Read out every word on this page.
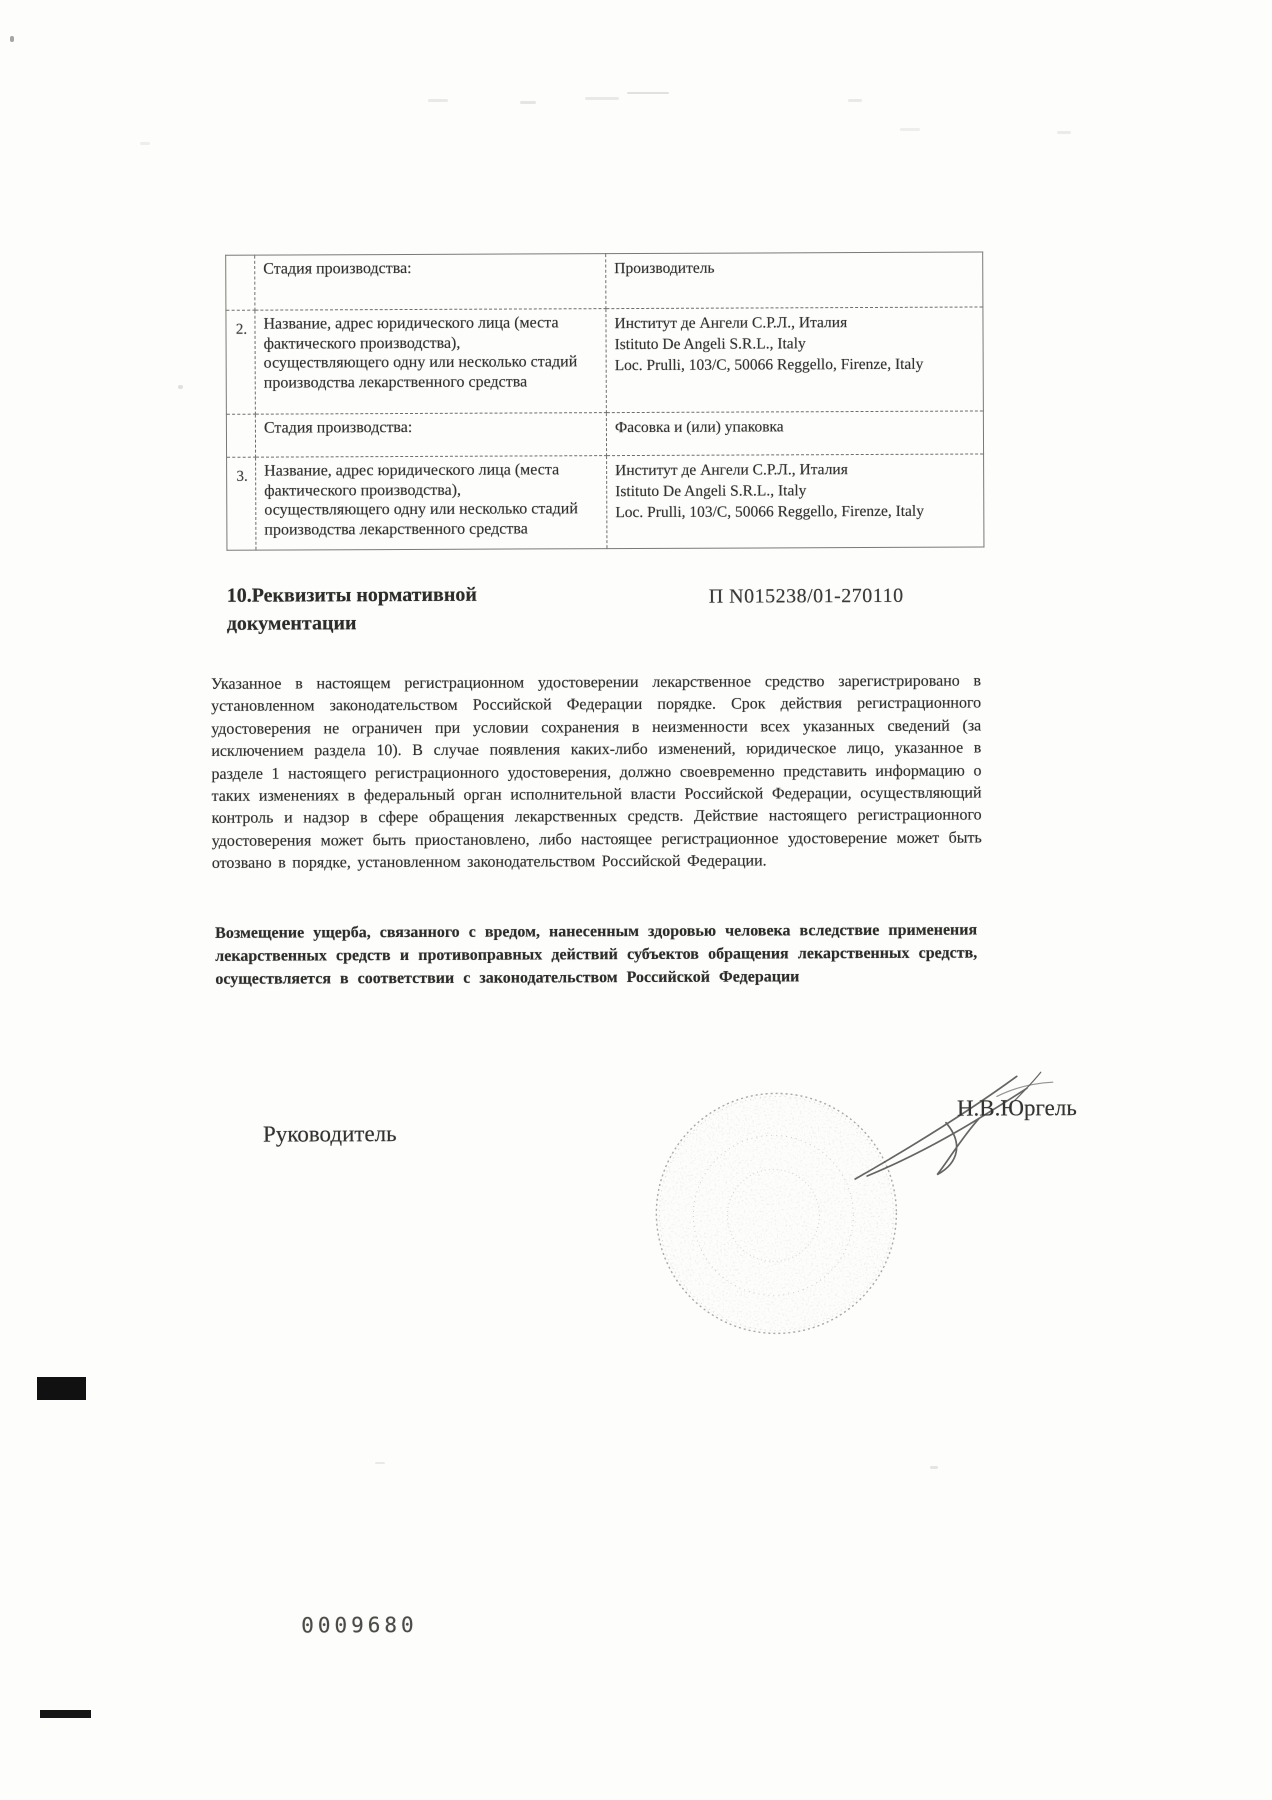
	Стадия производства:	Производитель
2.	Название, адрес юридического лица (места
фактического производства),
осуществляющего одну или несколько стадий
производства лекарственного средства	Институт де Ангели С.Р.Л., Италия
Istituto De Angeli S.R.L., Italy
Loc. Prulli, 103/C, 50066 Reggello, Firenze, Italy
	Стадия производства:	Фасовка и (или) упаковка
3.	Название, адрес юридического лица (места
фактического производства),
осуществляющего одну или несколько стадий
производства лекарственного средства	Институт де Ангели С.Р.Л., Италия
Istituto De Angeli S.R.L., Italy
Loc. Prulli, 103/C, 50066 Reggello, Firenze, Italy
10.Реквизиты нормативной
документации
П N015238/01-270110
Указанное в настоящем регистрационном удостоверении лекарственное средство зарегистрировано в установленном законодательством Российской Федерации порядке. Срок действия регистрационного удостоверения не ограничен при условии сохранения в неизменности всех указанных сведений (за исключением раздела 10). В случае появления каких-либо изменений, юридическое лицо, указанное в разделе 1 настоящего регистрационного удостоверения, должно своевременно представить информацию о таких изменениях в федеральный орган исполнительной власти Российской Федерации, осуществляющий контроль и надзор в сфере обращения лекарственных средств. Действие настоящего регистрационного удостоверения может быть приостановлено, либо настоящее регистрационное удостоверение может быть отозвано в порядке, установленном законодательством Российской Федерации.
Возмещение ущерба, связанного с вредом, нанесенным здоровью человека вследствие применения лекарственных средств и противоправных действий субъектов обращения лекарственных средств, осуществляется в соответствии с законодательством Российской Федерации
Руководитель
Н.В.Юргель
0009680
